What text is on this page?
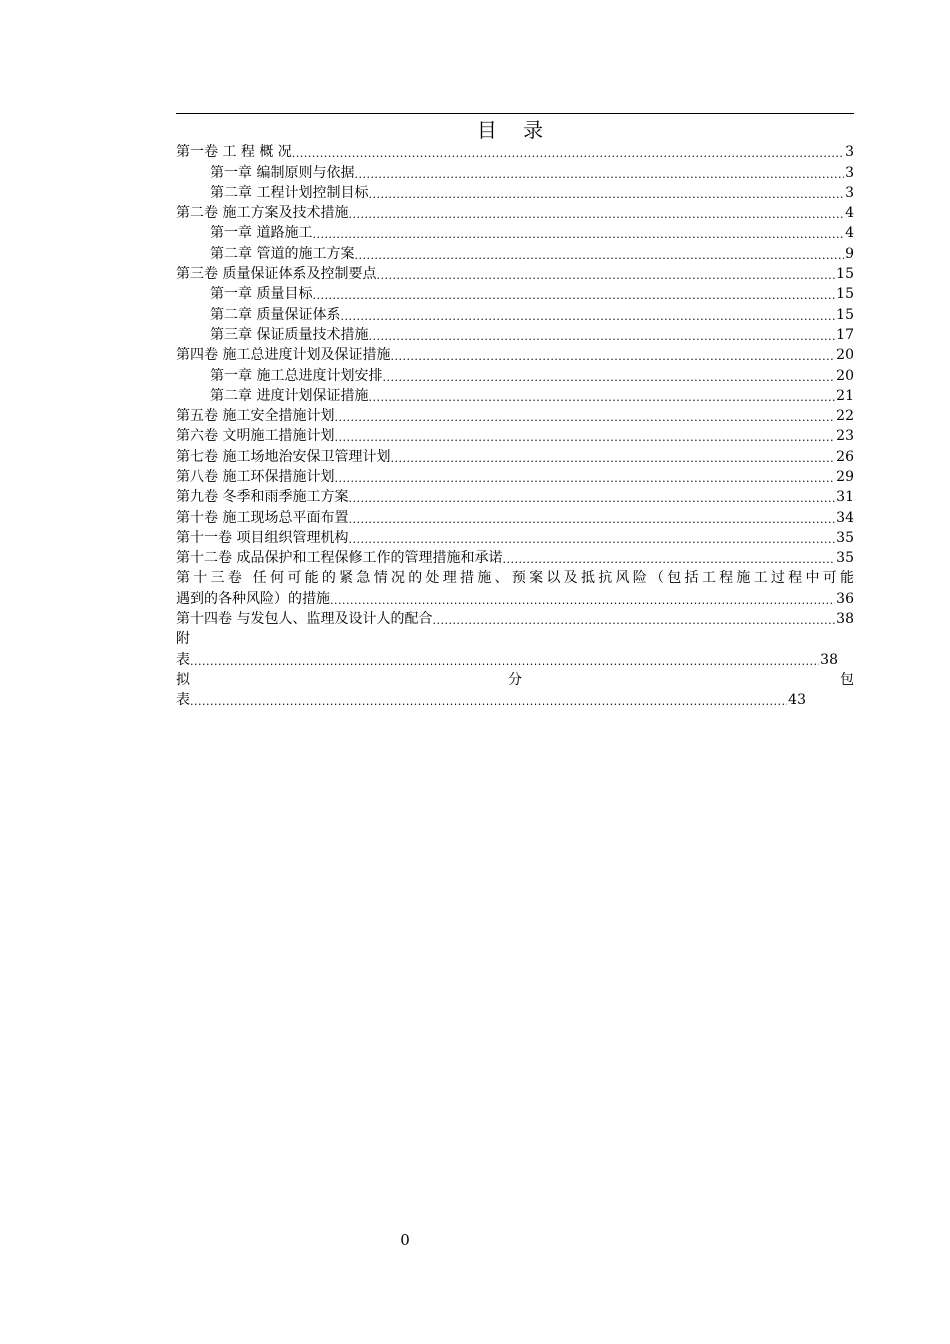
目 录
第一卷 工 程 概 况 .....	3
第一章 编制原则与依据 .....	3
第二章 工程计划控制目标 .....	3
第二卷 施工方案及技术措施 .....	4
第一章 道路施工 .....	4
第二章 管道的施工方案 .....	9
第三卷 质量保证体系及控制要点 .....	15
第一章 质量目标 .....	15
第二章 质量保证体系 .....	15
第三章 保证质量技术措施 .....	17
第四卷 施工总进度计划及保证措施 .....	20
第一章 施工总进度计划安排 .....	20
第二章 进度计划保证措施 .....	21
第五卷 施工安全措施计划 .....	22
第六卷 文明施工措施计划 .....	23
第七卷 施工场地治安保卫管理计划 .....	26
第八卷 施工环保措施计划 .....	29
第九卷 冬季和雨季施工方案 .....	31
第十卷 施工现场总平面布置 .....	34
第十一卷 项目组织管理机构 .....	35
第十二卷 成品保护和工程保修工作的管理措施和承诺 .....	35
第十三卷 任何可能的紧急情况的处理措施、预案以及抵抗风险（包括工程施工过程中可能
遇到的各种风险）的措施 .....	36
第十四卷 与发包人、监理及设计人的配合 .....	38
附
表 .....	38
拟	分	包
表 .....	43
0
